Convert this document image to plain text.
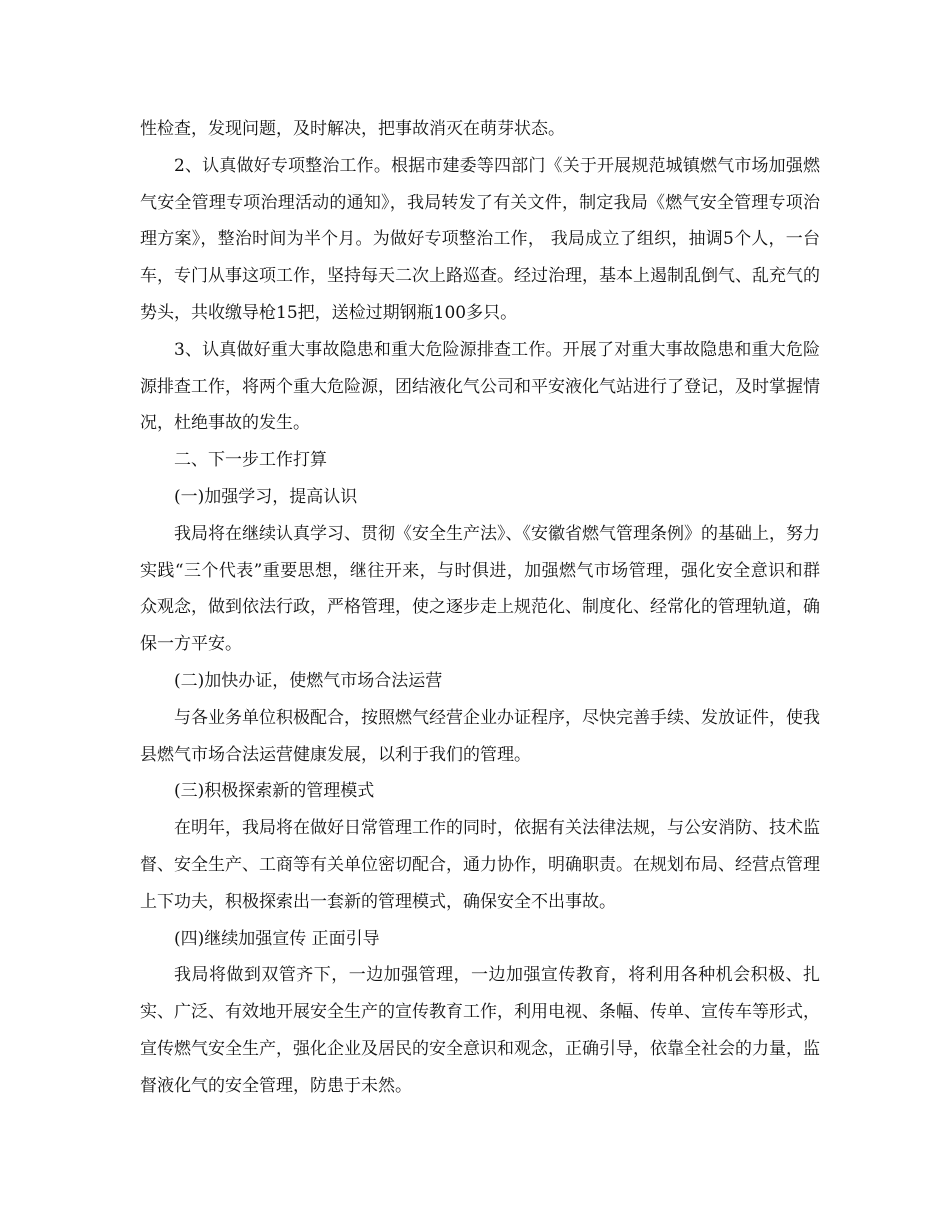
性检查，发现问题，及时解决，把事故消灭在萌芽状态。

2、认真做好专项整治工作。根据市建委等四部门《关于开展规范城镇燃气市场加强燃气安全管理专项治理活动的通知》，我局转发了有关文件，制定我局《燃气安全管理专项治理方案》，整治时间为半个月。为做好专项整治工作， 我局成立了组织，抽调5个人，一台车，专门从事这项工作，坚持每天二次上路巡查。经过治理，基本上遏制乱倒气、乱充气的势头，共收缴导枪15把，送检过期钢瓶100多只。

3、认真做好重大事故隐患和重大危险源排查工作。开展了对重大事故隐患和重大危险源排查工作，将两个重大危险源，团结液化气公司和平安液化气站进行了登记，及时掌握情况，杜绝事故的发生。

二、下一步工作打算

(一)加强学习，提高认识

我局将在继续认真学习、贯彻《安全生产法》、《安徽省燃气管理条例》的基础上，努力实践“三个代表”重要思想，继往开来，与时俱进，加强燃气市场管理，强化安全意识和群众观念，做到依法行政，严格管理，使之逐步走上规范化、制度化、经常化的管理轨道，确保一方平安。

(二)加快办证，使燃气市场合法运营

与各业务单位积极配合，按照燃气经营企业办证程序，尽快完善手续、发放证件，使我县燃气市场合法运营健康发展，以利于我们的管理。

(三)积极探索新的管理模式

在明年，我局将在做好日常管理工作的同时，依据有关法律法规，与公安消防、技术监督、安全生产、工商等有关单位密切配合，通力协作，明确职责。在规划布局、经营点管理上下功夫，积极探索出一套新的管理模式，确保安全不出事故。

(四)继续加强宣传 正面引导

我局将做到双管齐下，一边加强管理，一边加强宣传教育，将利用各种机会积极、扎实、广泛、有效地开展安全生产的宣传教育工作，利用电视、条幅、传单、宣传车等形式，宣传燃气安全生产，强化企业及居民的安全意识和观念，正确引导，依靠全社会的力量，监督液化气的安全管理，防患于未然。
